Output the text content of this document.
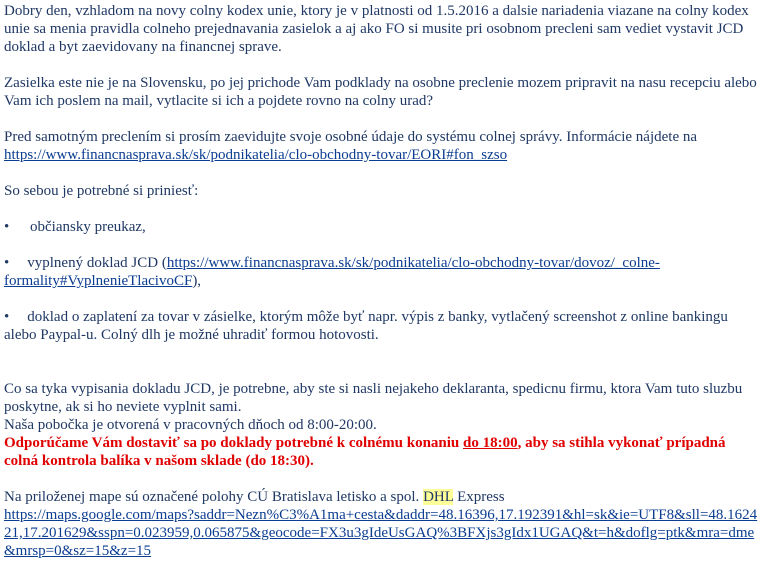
Dobry den, vzhladom na novy colny kodex unie, ktory je v platnosti od 1.5.2016 a dalsie nariadenia viazane na colny kodex unie sa menia pravidla colneho prejednavania zasielok a aj ako FO si musite pri osobnom precleni sam vediet vystavit JCD doklad a byt zaevidovany na financnej sprave.

Zasielka este nie je na Slovensku, po jej prichode Vam podklady na osobne preclenie mozem pripravit na nasu recepciu alebo Vam ich poslem na mail, vytlacite si ich a pojdete rovno na colny urad?

Pred samotným preclením si prosím zaevidujte svoje osobné údaje do systému colnej správy. Informácie nájdete na
https://www.financnasprava.sk/sk/podnikatelia/clo-obchodny-tovar/EORI#fon_szso

So sebou je potrebné si priniesť:

• občiansky preukaz,

• vyplnený doklad JCD (https://www.financnasprava.sk/sk/podnikatelia/clo-obchodny-tovar/dovoz/_colne-formality#VyplnenieTlacivoCF),

• doklad o zaplatení za tovar v zásielke, ktorým môže byť napr. výpis z banky, vytlačený screenshot z online bankingu alebo Paypal-u. Colný dlh je možné uhradiť formou hotovosti.

Co sa tyka vypisania dokladu JCD, je potrebne, aby ste si nasli nejakeho deklaranta, spedicnu firmu, ktora Vam tuto sluzbu poskytne, ak si ho neviete vyplnit sami.

Naša pobočka je otvorená v pracovných dňoch od 8:00-20:00.

Odporúčame Vám dostaviť sa po doklady potrebné k colnému konaniu do 18:00, aby sa stihla vykonať prípadná colná kontrola balíka v našom sklade (do 18:30).

Na priloženej mape sú označené polohy CÚ Bratislava letisko a spol. DHL Express
https://maps.google.com/maps?saddr=Nezn%C3%A1ma+cesta&daddr=48.16396,17.192391&hl=sk&ie=UTF8&sll=48.162421,17.201629&sspn=0.023959,0.065875&geocode=FX3u3gIdeUsGAQ%3BFXjs3gIdx1UGAQ&t=h&doflg=ptk&mra=dme&mrsp=0&sz=15&z=15
